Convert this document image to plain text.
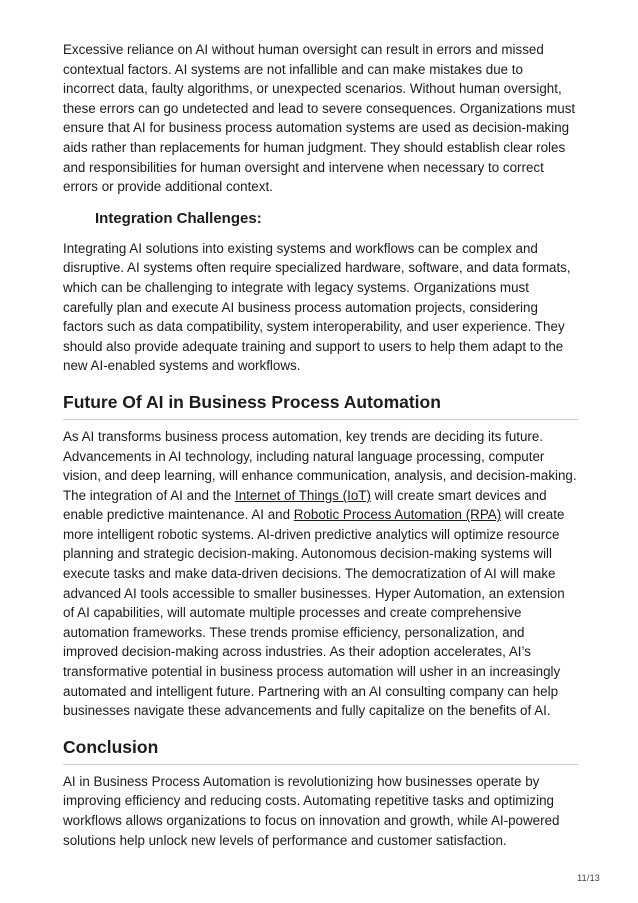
Excessive reliance on AI without human oversight can result in errors and missed contextual factors. AI systems are not infallible and can make mistakes due to incorrect data, faulty algorithms, or unexpected scenarios. Without human oversight, these errors can go undetected and lead to severe consequences. Organizations must ensure that AI for business process automation systems are used as decision-making aids rather than replacements for human judgment. They should establish clear roles and responsibilities for human oversight and intervene when necessary to correct errors or provide additional context.

Integration Challenges:

Integrating AI solutions into existing systems and workflows can be complex and disruptive. AI systems often require specialized hardware, software, and data formats, which can be challenging to integrate with legacy systems. Organizations must carefully plan and execute AI business process automation projects, considering factors such as data compatibility, system interoperability, and user experience. They should also provide adequate training and support to users to help them adapt to the new AI-enabled systems and workflows.

Future Of AI in Business Process Automation

As AI transforms business process automation, key trends are deciding its future. Advancements in AI technology, including natural language processing, computer vision, and deep learning, will enhance communication, analysis, and decision-making. The integration of AI and the Internet of Things (IoT) will create smart devices and enable predictive maintenance. AI and Robotic Process Automation (RPA) will create more intelligent robotic systems. AI-driven predictive analytics will optimize resource planning and strategic decision-making. Autonomous decision-making systems will execute tasks and make data-driven decisions. The democratization of AI will make advanced AI tools accessible to smaller businesses. Hyper Automation, an extension of AI capabilities, will automate multiple processes and create comprehensive automation frameworks. These trends promise efficiency, personalization, and improved decision-making across industries. As their adoption accelerates, AI’s transformative potential in business process automation will usher in an increasingly automated and intelligent future. Partnering with an AI consulting company can help businesses navigate these advancements and fully capitalize on the benefits of AI.

Conclusion

AI in Business Process Automation is revolutionizing how businesses operate by improving efficiency and reducing costs. Automating repetitive tasks and optimizing workflows allows organizations to focus on innovation and growth, while AI-powered solutions help unlock new levels of performance and customer satisfaction.

11/13
